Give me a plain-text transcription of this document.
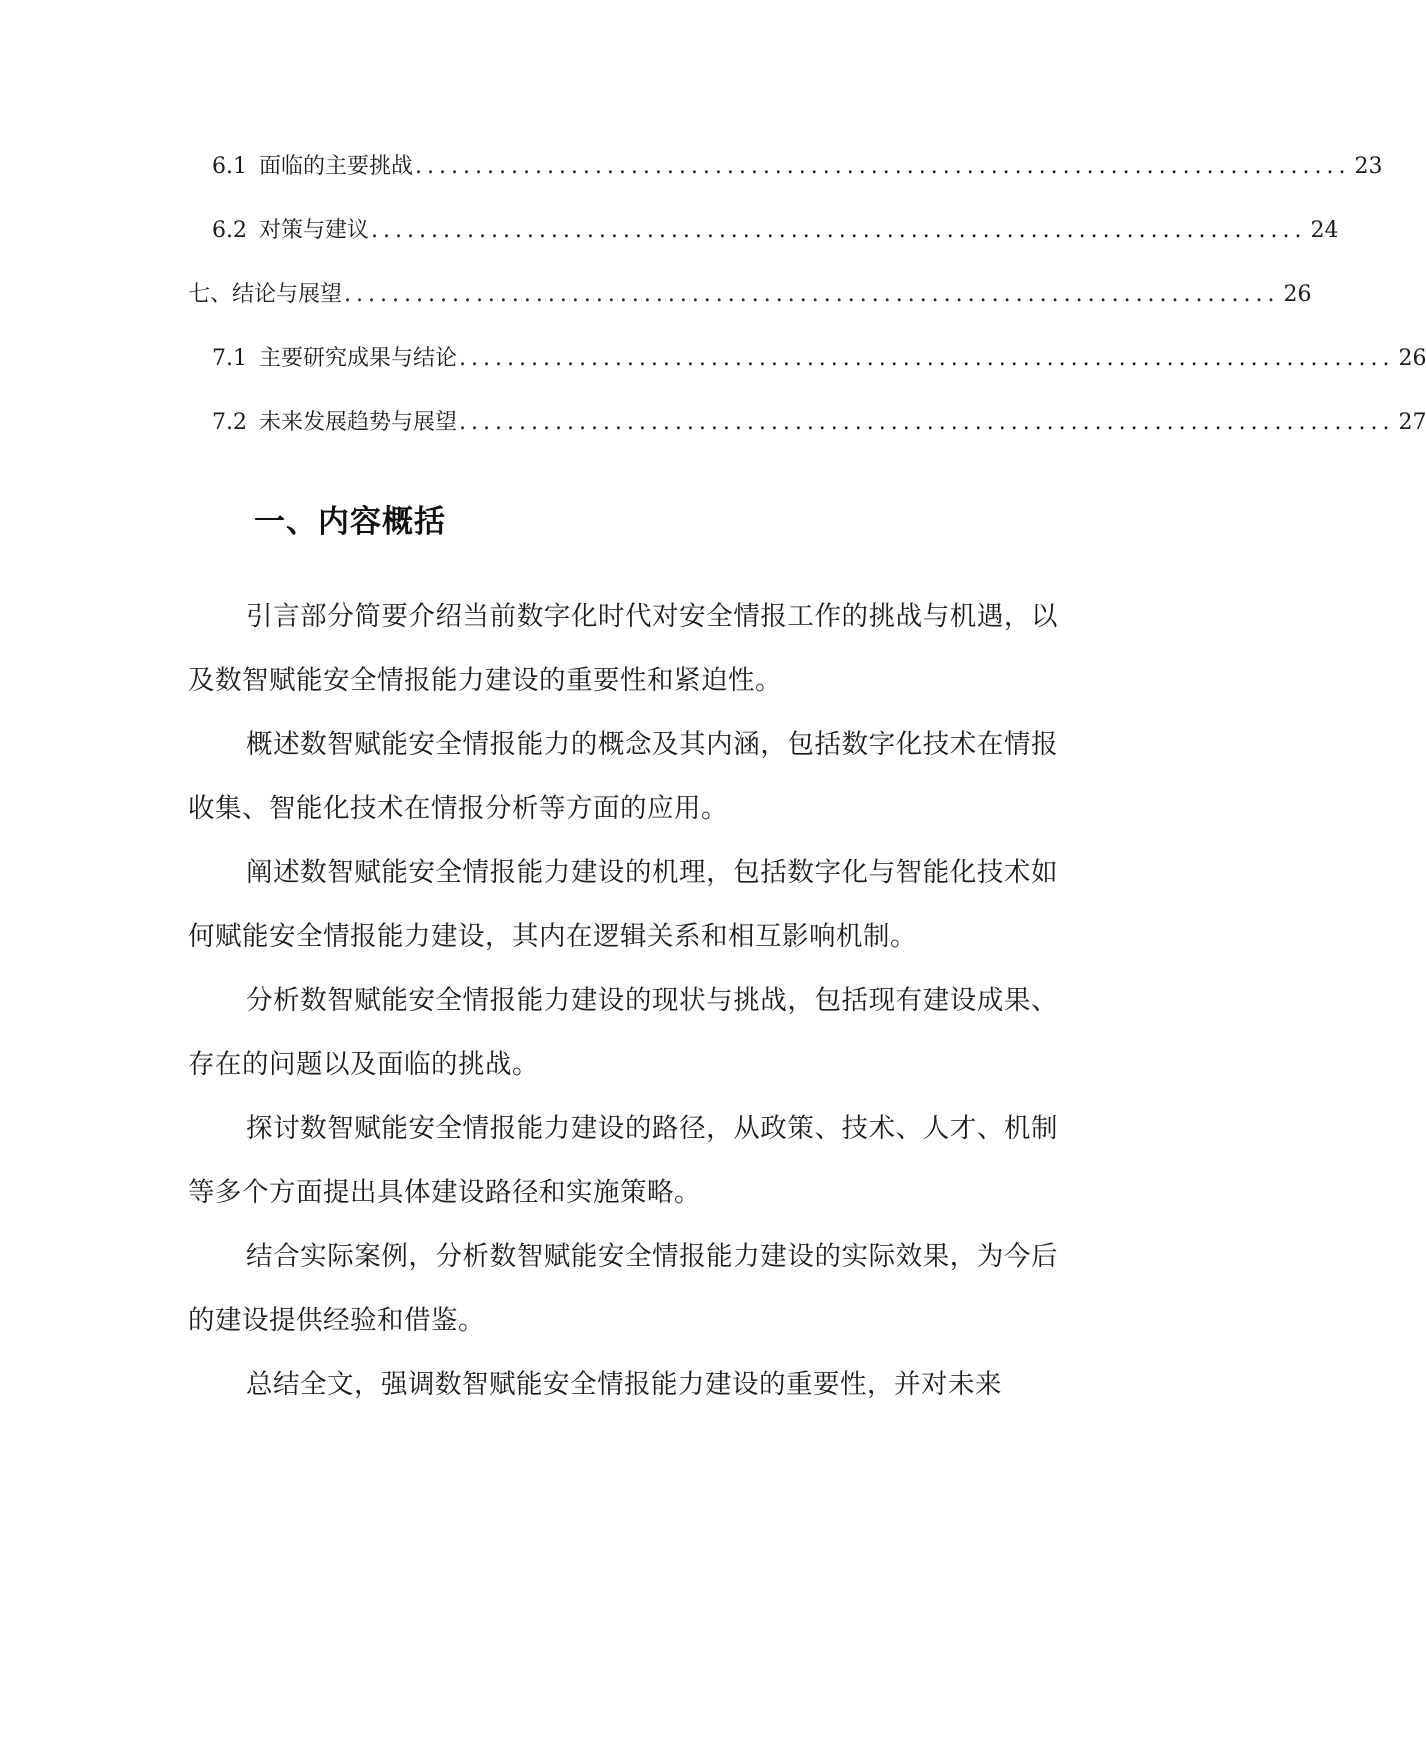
6.1 面临的主要挑战 .............................................................................. 23
6.2 对策与建议 .............................................................................. 24
七、结论与展望 .............................................................................. 26
7.1 主要研究成果与结论 .............................................................................. 26
7.2 未来发展趋势与展望 .............................................................................. 27
一、内容概括

引言部分简要介绍当前数字化时代对安全情报工作的挑战与机遇，以及数智赋能安全情报能力建设的重要性和紧迫性。

概述数智赋能安全情报能力的概念及其内涵，包括数字化技术在情报收集、智能化技术在情报分析等方面的应用。

阐述数智赋能安全情报能力建设的机理，包括数字化与智能化技术如何赋能安全情报能力建设，其内在逻辑关系和相互影响机制。

分析数智赋能安全情报能力建设的现状与挑战，包括现有建设成果、存在的问题以及面临的挑战。

探讨数智赋能安全情报能力建设的路径，从政策、技术、人才、机制等多个方面提出具体建设路径和实施策略。

结合实际案例，分析数智赋能安全情报能力建设的实际效果，为今后的建设提供经验和借鉴。

总结全文，强调数智赋能安全情报能力建设的重要性，并对未来
